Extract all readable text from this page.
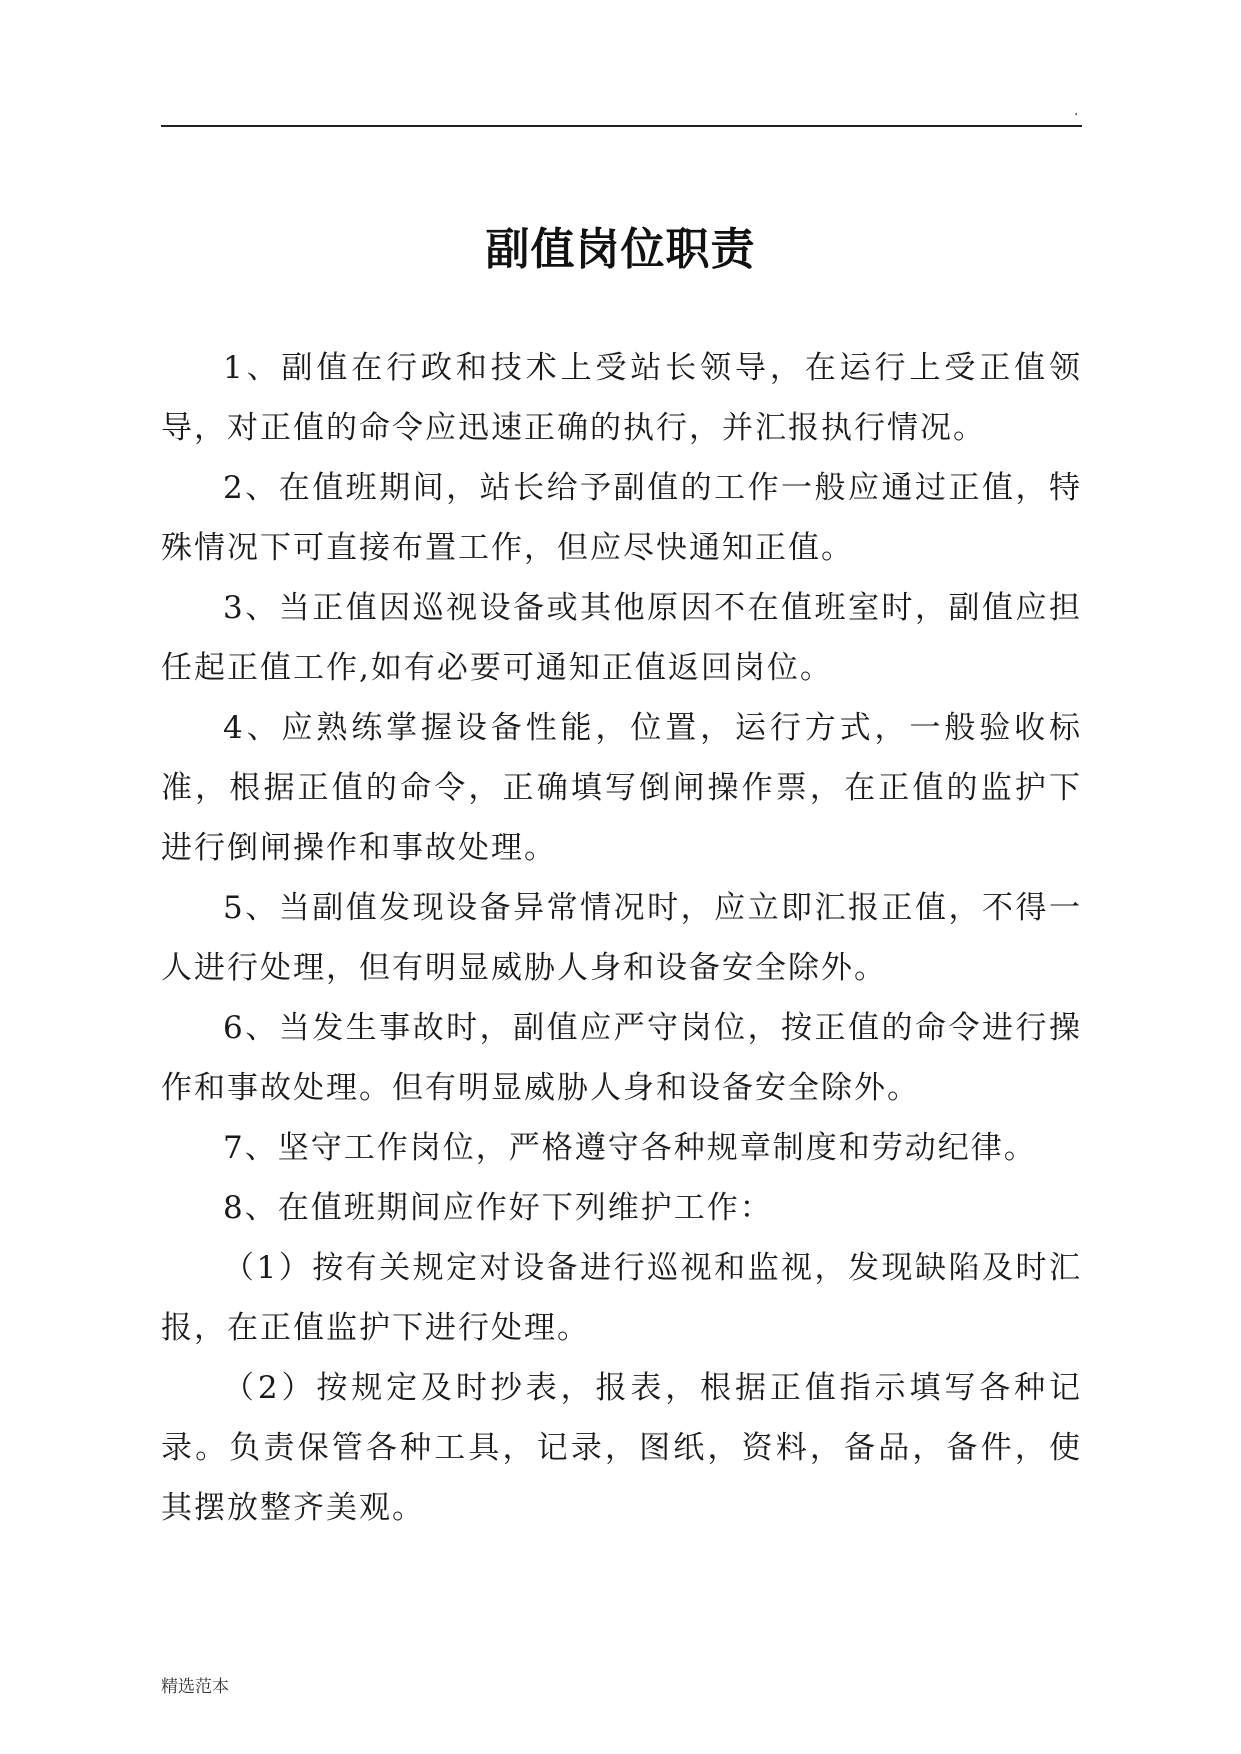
.
副值岗位职责

1、副值在行政和技术上受站长领导，在运行上受正值领导，对正值的命令应迅速正确的执行，并汇报执行情况。

2、在值班期间，站长给予副值的工作一般应通过正值，特殊情况下可直接布置工作，但应尽快通知正值。

3、当正值因巡视设备或其他原因不在值班室时，副值应担任起正值工作,如有必要可通知正值返回岗位。

4、应熟练掌握设备性能，位置，运行方式，一般验收标准，根据正值的命令，正确填写倒闸操作票，在正值的监护下进行倒闸操作和事故处理。

5、当副值发现设备异常情况时，应立即汇报正值，不得一人进行处理，但有明显威胁人身和设备安全除外。

6、当发生事故时，副值应严守岗位，按正值的命令进行操作和事故处理。但有明显威胁人身和设备安全除外。

7、坚守工作岗位，严格遵守各种规章制度和劳动纪律。

8、在值班期间应作好下列维护工作：

（1）按有关规定对设备进行巡视和监视，发现缺陷及时汇报，在正值监护下进行处理。

（2）按规定及时抄表，报表，根据正值指示填写各种记录。负责保管各种工具，记录，图纸，资料，备品，备件，使其摆放整齐美观。

精选范本
